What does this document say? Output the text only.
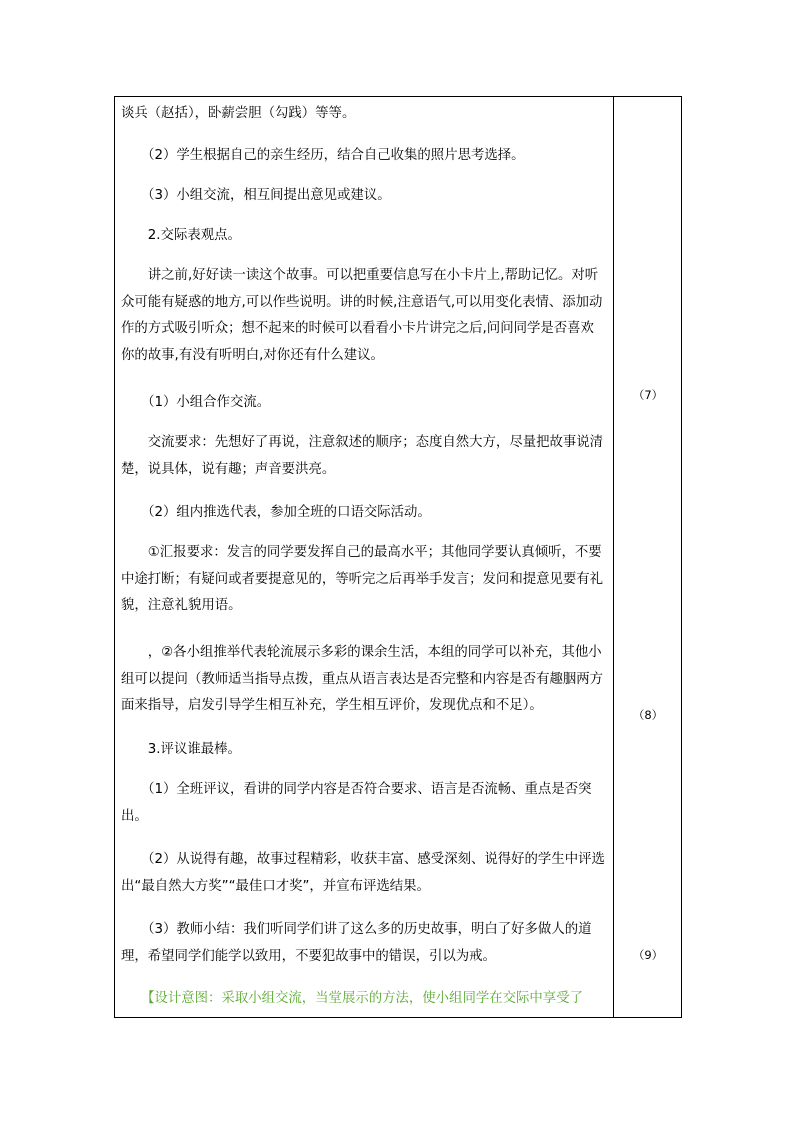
谈兵（赵括），卧薪尝胆（勾践）等等。

　　（2）学生根据自己的亲生经历，结合自己收集的照片思考选择。

　　（3）小组交流，相互间提出意见或建议。

　　2.交际表观点。

　　讲之前,好好读一读这个故事。可以把重要信息写在小卡片上,帮助记忆。对听众可能有疑惑的地方,可以作些说明。讲的时候,注意语气,可以用变化表情、添加动作的方式吸引听众；想不起来的时候可以看看小卡片讲完之后,问问同学是否喜欢你的故事,有没有听明白,对你还有什么建议。

　　（1）小组合作交流。

　　交流要求：先想好了再说，注意叙述的顺序；态度自然大方，尽量把故事说清楚，说具体，说有趣；声音要洪亮。

　　（2）组内推选代表，参加全班的口语交际活动。

　　①汇报要求：发言的同学要发挥自己的最高水平；其他同学要认真倾听，不要中途打断；有疑问或者要提意见的，等听完之后再举手发言；发问和提意见要有礼貌，注意礼貌用语。

　　，②各小组推举代表轮流展示多彩的课余生活，本组的同学可以补充，其他小组可以提问（教师适当指导点拨，重点从语言表达是否完整和内容是否有趣胭两方面来指导，启发引导学生相互补充，学生相互评价，发现优点和不足）。

　　3.评议谁最棒。

　　（1）全班评议，看讲的同学内容是否符合要求、语言是否流畅、重点是否突出。

　　（2）从说得有趣，故事过程精彩，收获丰富、感受深刻、说得好的学生中评选出“最自然大方奖”“最佳口才奖”，并宣布评选结果。

　　（3）教师小结：我们听同学们讲了这么多的历史故事，明白了好多做人的道理，希望同学们能学以致用，不要犯故事中的错误，引以为戒。

　　【设计意图：采取小组交流，当堂展示的方法，使小组同学在交际中享受了

（7）
（8）
（9）
